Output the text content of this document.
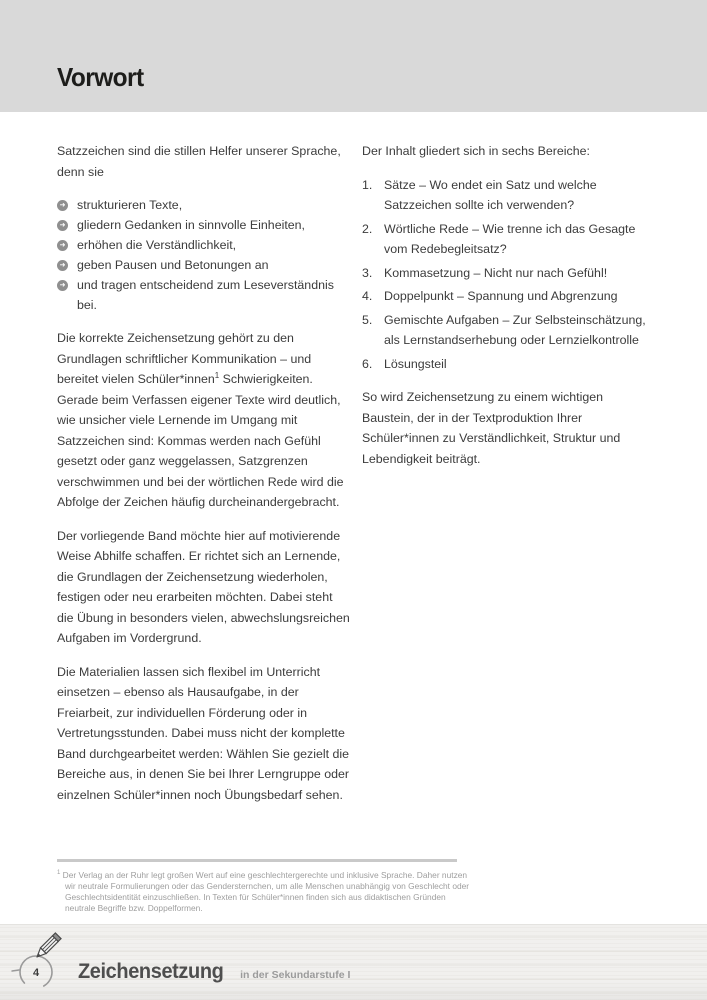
Vorwort

Satzzeichen sind die stillen Helfer unserer Sprache, denn sie

➜ strukturieren Texte,
➜ gliedern Gedanken in sinnvolle Einheiten,
➜ erhöhen die Verständlichkeit,
➜ geben Pausen und Betonungen an
➜ und tragen entscheidend zum Leseverständnis bei.

Die korrekte Zeichensetzung gehört zu den Grundlagen schriftlicher Kommunikation – und bereitet vielen Schüler*innen$^1$ Schwierigkeiten. Gerade beim Verfassen eigener Texte wird deutlich, wie unsicher viele Lernende im Umgang mit Satzzeichen sind: Kommas werden nach Gefühl gesetzt oder ganz weggelassen, Satzgrenzen verschwimmen und bei der wörtlichen Rede wird die Abfolge der Zeichen häufig durcheinandergebracht.

Der vorliegende Band möchte hier auf motivierende Weise Abhilfe schaffen. Er richtet sich an Lernende, die Grundlagen der Zeichensetzung wiederholen, festigen oder neu erarbeiten möchten. Dabei steht die Übung in besonders vielen, abwechslungsreichen Aufgaben im Vordergrund.

Die Materialien lassen sich flexibel im Unterricht einsetzen – ebenso als Hausaufgabe, in der Freiarbeit, zur individuellen Förderung oder in Vertretungsstunden. Dabei muss nicht der komplette Band durchgearbeitet werden: Wählen Sie gezielt die Bereiche aus, in denen Sie bei Ihrer Lerngruppe oder einzelnen Schüler*innen noch Übungsbedarf sehen.

Der Inhalt gliedert sich in sechs Bereiche:

1. Sätze – Wo endet ein Satz und welche Satzzeichen sollte ich verwenden?
2. Wörtliche Rede – Wie trenne ich das Gesagte vom Redebegleitsatz?
3. Kommasetzung – Nicht nur nach Gefühl!
4. Doppelpunkt – Spannung und Abgrenzung
5. Gemischte Aufgaben – Zur Selbsteinschätzung, als Lernstandserhebung oder Lernzielkontrolle
6. Lösungsteil

So wird Zeichensetzung zu einem wichtigen Baustein, der in der Textproduktion Ihrer Schüler*innen zu Verständlichkeit, Struktur und Lebendigkeit beiträgt.

$^1$ Der Verlag an der Ruhr legt großen Wert auf eine geschlechtergerechte und inklusive Sprache. Daher nutzen wir neutrale Formulierungen oder das Gendersternchen, um alle Menschen unabhängig von Geschlecht oder Geschlechtsidentität einzuschließen. In Texten für Schüler*innen finden sich aus didaktischen Gründen neutrale Begriffe bzw. Doppelformen.

4 Zeichensetzung in der Sekundarstufe I
